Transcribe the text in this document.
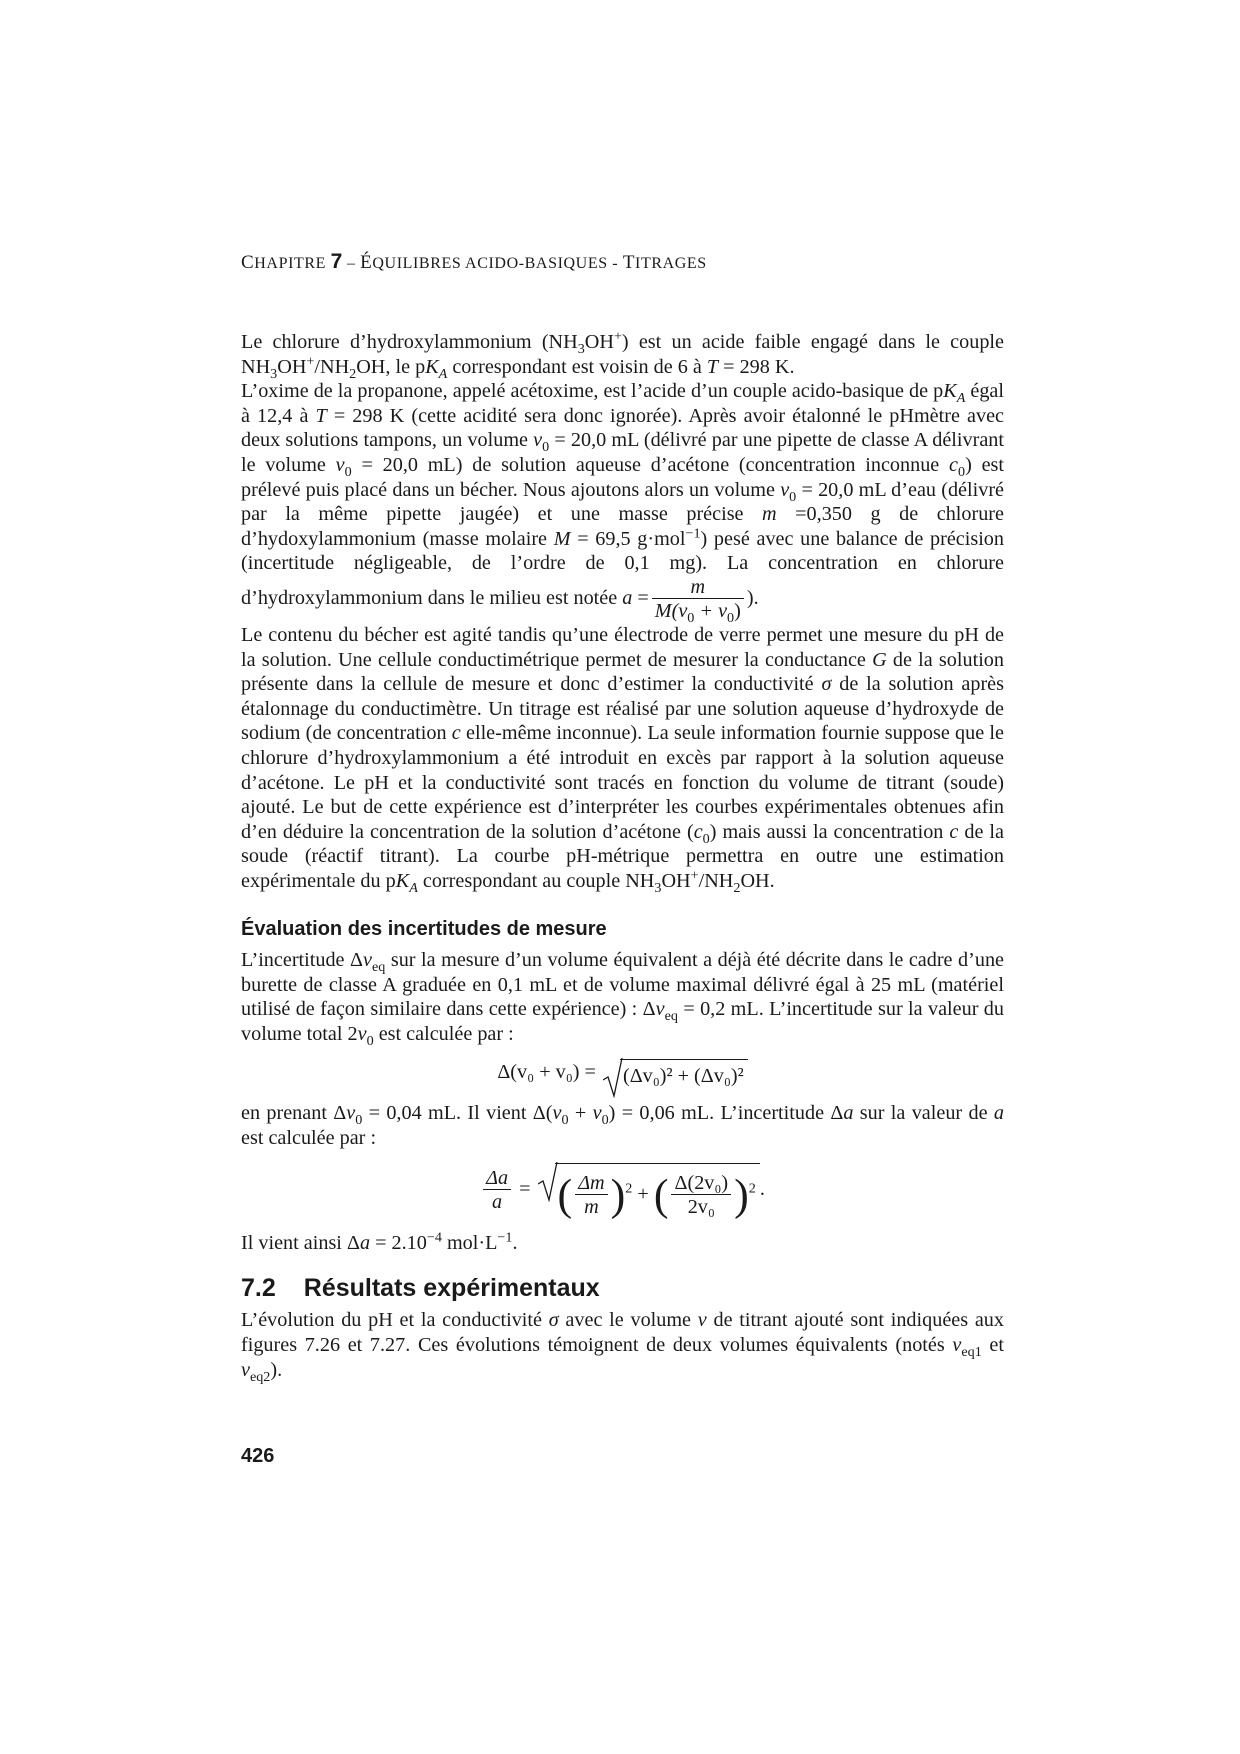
CHAPITRE 7 – ÉQUILIBRES ACIDO-BASIQUES - TITRAGES

Le chlorure d’hydroxylammonium $(NH_3OH^+)$ est un acide faible engagé dans le couple $NH_3OH^+/NH_2OH$, le $pK_A$ correspondant est voisin de 6 à T = 298 K.

L’oxime de la propanone, appelé acétoxime, est l’acide d’un couple acido-basique de $pK_A$ égal à 12,4 à T = 298 K (cette acidité sera donc ignorée). Après avoir étalonné le pHmètre avec deux solutions tampons, un volume $v_0 = 20,0$ mL (délivré par une pipette de classe A délivrant le volume $v_0 = 20,0$ mL) de solution aqueuse d’acétone (concentration inconnue $c_0$) est prélevé puis placé dans un bécher. Nous ajoutons alors un volume $v_0 = 20,0$ mL d’eau (délivré par la même pipette jaugée) et une masse précise m =0,350 g de chlorure d’hydoxylammonium (masse molaire M = 69,5 g·mol$^{-1}$) pesé avec une balance de précision (incertitude négligeable, de l’ordre de 0,1 mg). La concentration en chlorure d’hydroxylammonium dans le milieu est notée $a = \frac{m}{M(v_0 + v_0)}$ ).

Le contenu du bécher est agité tandis qu’une électrode de verre permet une mesure du pH de la solution. Une cellule conductimétrique permet de mesurer la conductance G de la solution présente dans la cellule de mesure et donc d’estimer la conductivité σ de la solution après étalonnage du conductimètre. Un titrage est réalisé par une solution aqueuse d’hydroxyde de sodium (de concentration c elle-même inconnue). La seule information fournie suppose que le chlorure d’hydroxylammonium a été introduit en excès par rapport à la solution aqueuse d’acétone. Le pH et la conductivité sont tracés en fonction du volume de titrant (soude) ajouté. Le but de cette expérience est d’interpréter les courbes expérimentales obtenues afin d’en déduire la concentration de la solution d’acétone $(c_0)$ mais aussi la concentration c de la soude (réactif titrant). La courbe pH-métrique permettra en outre une estimation expérimentale du $pK_A$ correspondant au couple $NH_3OH^+/NH_2OH$.

Évaluation des incertitudes de mesure

L’incertitude $\Delta v_{eq}$ sur la mesure d’un volume équivalent a déjà été décrite dans le cadre d’une burette de classe A graduée en 0,1 mL et de volume maximal délivré égal à 25 mL (matériel utilisé de façon similaire dans cette expérience) : $\Delta v_{eq} = 0,2$ mL. L’incertitude sur la valeur du volume total $2v_0$ est calculée par :

Δ(v₀ + v₀) = (Δv₀)² + (Δv₀)²

en prenant $\Delta v_0 = 0,04$ mL. Il vient $\Delta(v_0 + v_0) = 0,06$ mL. L’incertitude Δa sur la valeur de a est calculée par :

$\frac{\Delta a}{a}$ = ( $\frac{\Delta m}{m} )^2$ + ( $\frac{\text{Δ(2v₀)}}{\text{2v₀}} )^2$ .

Il vient ainsi $\Delta a = 2.10^{-4}$ $mol\cdot L^{-1}$.

7.2 Résultats expérimentaux

L’évolution du pH et la conductivité σ avec le volume v de titrant ajouté sont indiquées aux figures 7.26 et 7.27. Ces évolutions témoignent de deux volumes équivalents (notés $v_{eq1}$ et $v_{eq2}$).

426
